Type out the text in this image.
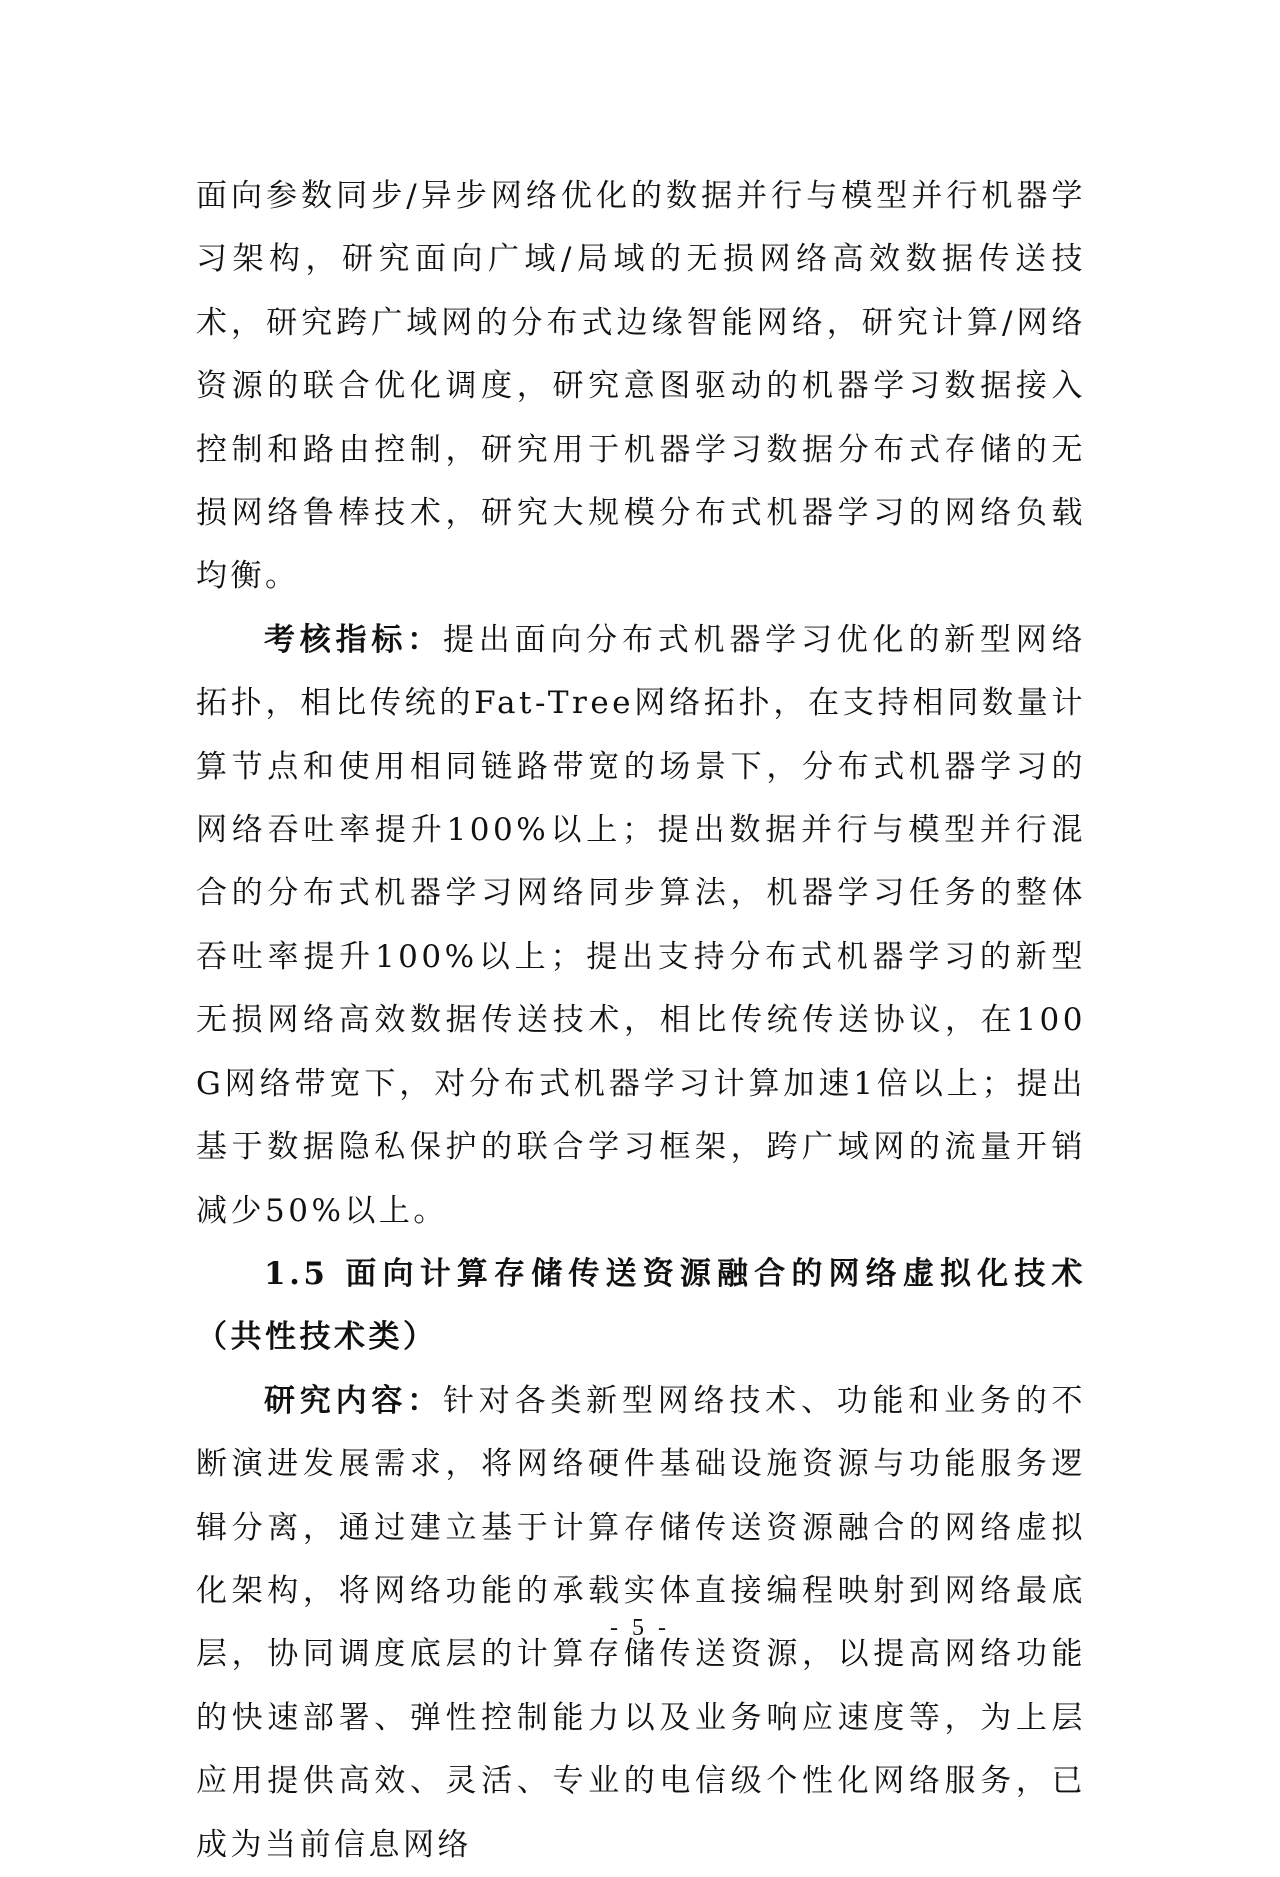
面向参数同步/异步网络优化的数据并行与模型并行机器学习架构，研究面向广域/局域的无损网络高效数据传送技术，研究跨广域网的分布式边缘智能网络，研究计算/网络资源的联合优化调度，研究意图驱动的机器学习数据接入控制和路由控制，研究用于机器学习数据分布式存储的无损网络鲁棒技术，研究大规模分布式机器学习的网络负载均衡。

考核指标：提出面向分布式机器学习优化的新型网络拓扑，相比传统的Fat-Tree网络拓扑，在支持相同数量计算节点和使用相同链路带宽的场景下，分布式机器学习的网络吞吐率提升100%以上；提出数据并行与模型并行混合的分布式机器学习网络同步算法，机器学习任务的整体吞吐率提升100%以上；提出支持分布式机器学习的新型无损网络高效数据传送技术，相比传统传送协议，在100G网络带宽下，对分布式机器学习计算加速1倍以上；提出基于数据隐私保护的联合学习框架，跨广域网的流量开销减少50%以上。

1.5 面向计算存储传送资源融合的网络虚拟化技术（共性技术类）

研究内容：针对各类新型网络技术、功能和业务的不断演进发展需求，将网络硬件基础设施资源与功能服务逻辑分离，通过建立基于计算存储传送资源融合的网络虚拟化架构，将网络功能的承载实体直接编程映射到网络最底层，协同调度底层的计算存储传送资源，以提高网络功能的快速部署、弹性控制能力以及业务响应速度等，为上层应用提供高效、灵活、专业的电信级个性化网络服务，已成为当前信息网络

- 5 -
